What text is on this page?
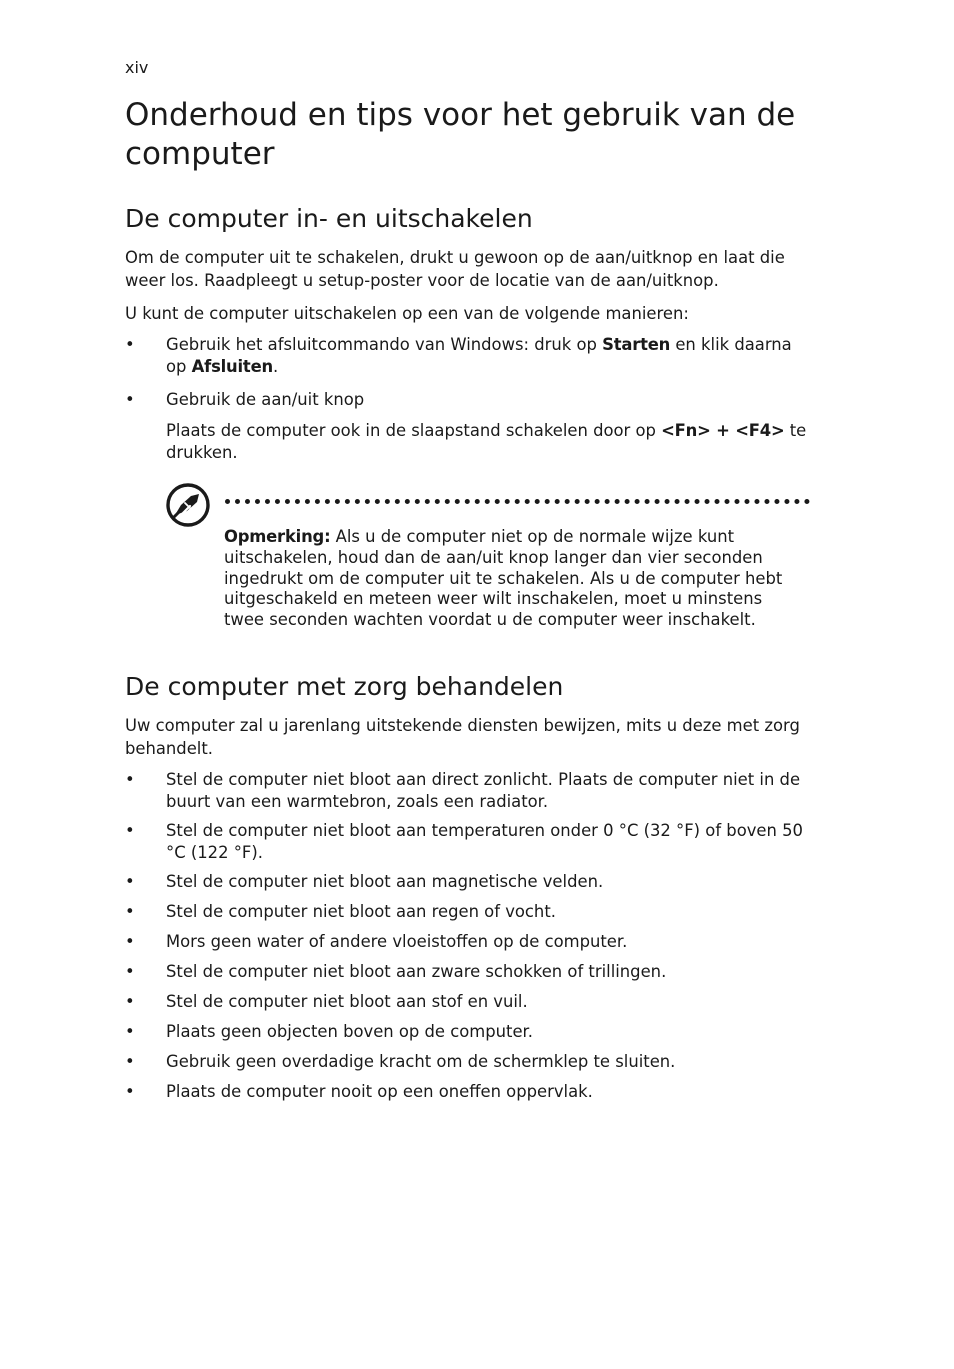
xiv
Onderhoud en tips voor het gebruik van de computer
De computer in- en uitschakelen

Om de computer uit te schakelen, drukt u gewoon op de aan/uitknop en laat die weer los. Raadpleegt u setup-poster voor de locatie van de aan/uitknop.

U kunt de computer uitschakelen op een van de volgende manieren:

• Gebruik het afsluitcommando van Windows: druk op Starten en klik daarna op Afsluiten.
• Gebruik de aan/uit knop
Plaats de computer ook in de slaapstand schakelen door op <Fn> + <F4> te drukken.
Opmerking: Als u de computer niet op de normale wijze kunt uitschakelen, houd dan de aan/uit knop langer dan vier seconden ingedrukt om de computer uit te schakelen. Als u de computer hebt uitgeschakeld en meteen weer wilt inschakelen, moet u minstens twee seconden wachten voordat u de computer weer inschakelt.
De computer met zorg behandelen

Uw computer zal u jarenlang uitstekende diensten bewijzen, mits u deze met zorg behandelt.

• Stel de computer niet bloot aan direct zonlicht. Plaats de computer niet in de buurt van een warmtebron, zoals een radiator.
• Stel de computer niet bloot aan temperaturen onder 0 °C (32 °F) of boven 50 °C (122 °F).
• Stel de computer niet bloot aan magnetische velden.
• Stel de computer niet bloot aan regen of vocht.
• Mors geen water of andere vloeistoffen op de computer.
• Stel de computer niet bloot aan zware schokken of trillingen.
• Stel de computer niet bloot aan stof en vuil.
• Plaats geen objecten boven op de computer.
• Gebruik geen overdadige kracht om de schermklep te sluiten.
• Plaats de computer nooit op een oneffen oppervlak.
